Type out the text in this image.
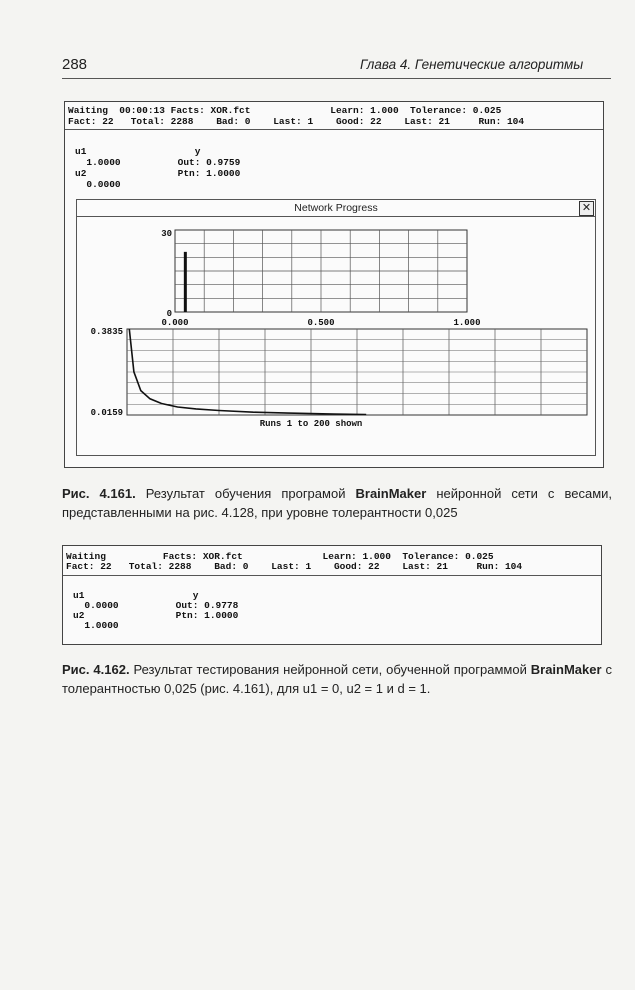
288	Глава 4. Генетические алгоритмы
Waiting  00:00:13 Facts: XOR.fct              Learn: 1.000  Tolerance: 0.025
Fact: 22   Total: 2288    Bad: 0    Last: 1    Good: 22    Last: 21     Run: 104
u1                   y
1.0000          Out: 0.9759
u2                Ptn: 1.0000
0.0000
Network Progress	✕
30
0
0.000	0.500	1.000
0.3835
0.0159
Runs 1 to 200 shown
Рис. 4.161. Результат обучения програмой BrainMaker нейронной сети с весами, представленными на рис. 4.128, при уровне толерантности 0,025
Waiting          Facts: XOR.fct              Learn: 1.000  Tolerance: 0.025
Fact: 22   Total: 2288    Bad: 0    Last: 1    Good: 22    Last: 21     Run: 104
u1                   y
0.0000          Out: 0.9778
u2                Ptn: 1.0000
1.0000
Рис. 4.162. Результат тестирования нейронной сети, обученной программой BrainMaker с толерантностью 0,025 (рис. 4.161), для u1 = 0, u2 = 1 и d = 1.
